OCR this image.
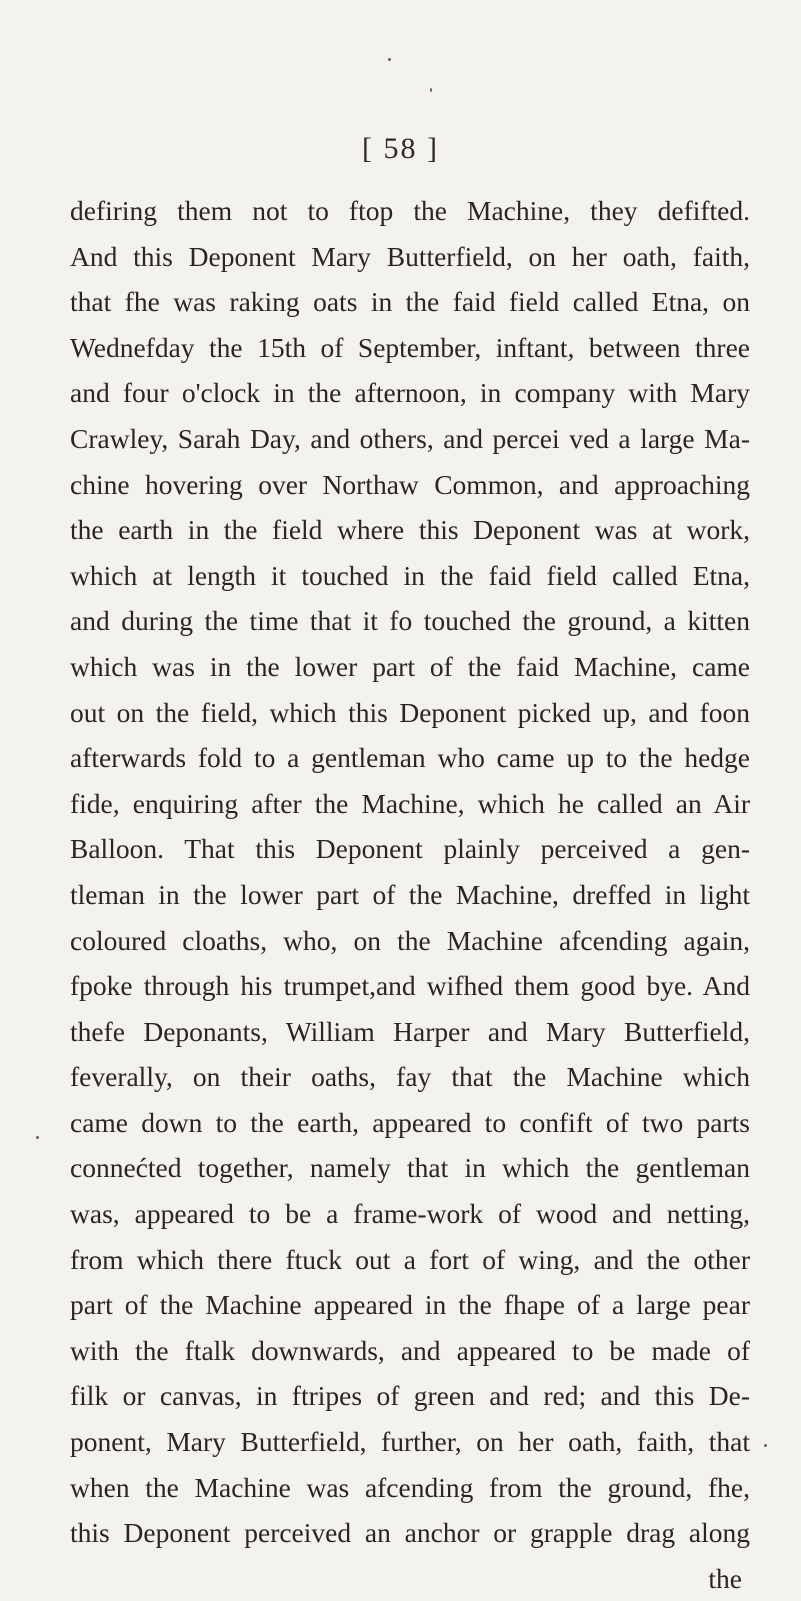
[ 58 ]
defiring them not to ftop the Machine, they defifted.
And this Deponent Mary Butterfield, on her oath, faith,
that fhe was raking oats in the faid field called Etna, on
Wednefday the 15th of September, inftant, between three
and four o'clock in the afternoon, in company with Mary
Crawley, Sarah Day, and others, and percei ved a large Ma-
chine hovering over Northaw Common, and approaching
the earth in the field where this Deponent was at work,
which at length it touched in the faid field called Etna,
and during the time that it fo touched the ground, a kitten
which was in the lower part of the faid Machine, came
out on the field, which this Deponent picked up, and foon
afterwards fold to a gentleman who came up to the hedge
fide, enquiring after the Machine, which he called an Air
Balloon. That this Deponent plainly perceived a gen-
tleman in the lower part of the Machine, dreffed in light
coloured cloaths, who, on the Machine afcending again,
fpoke through his trumpet,and wifhed them good bye. And
thefe Deponants, William Harper and Mary Butterfield,
feverally, on their oaths, fay that the Machine which
came down to the earth, appeared to confift of two parts
connećted together, namely that in which the gentleman
was, appeared to be a frame-work of wood and netting,
from which there ftuck out a fort of wing, and the other
part of the Machine appeared in the fhape of a large pear
with the ftalk downwards, and appeared to be made of
filk or canvas, in ftripes of green and red; and this De-
ponent, Mary Butterfield, further, on her oath, faith, that
when the Machine was afcending from the ground, fhe,
this Deponent perceived an anchor or grapple drag along
the
